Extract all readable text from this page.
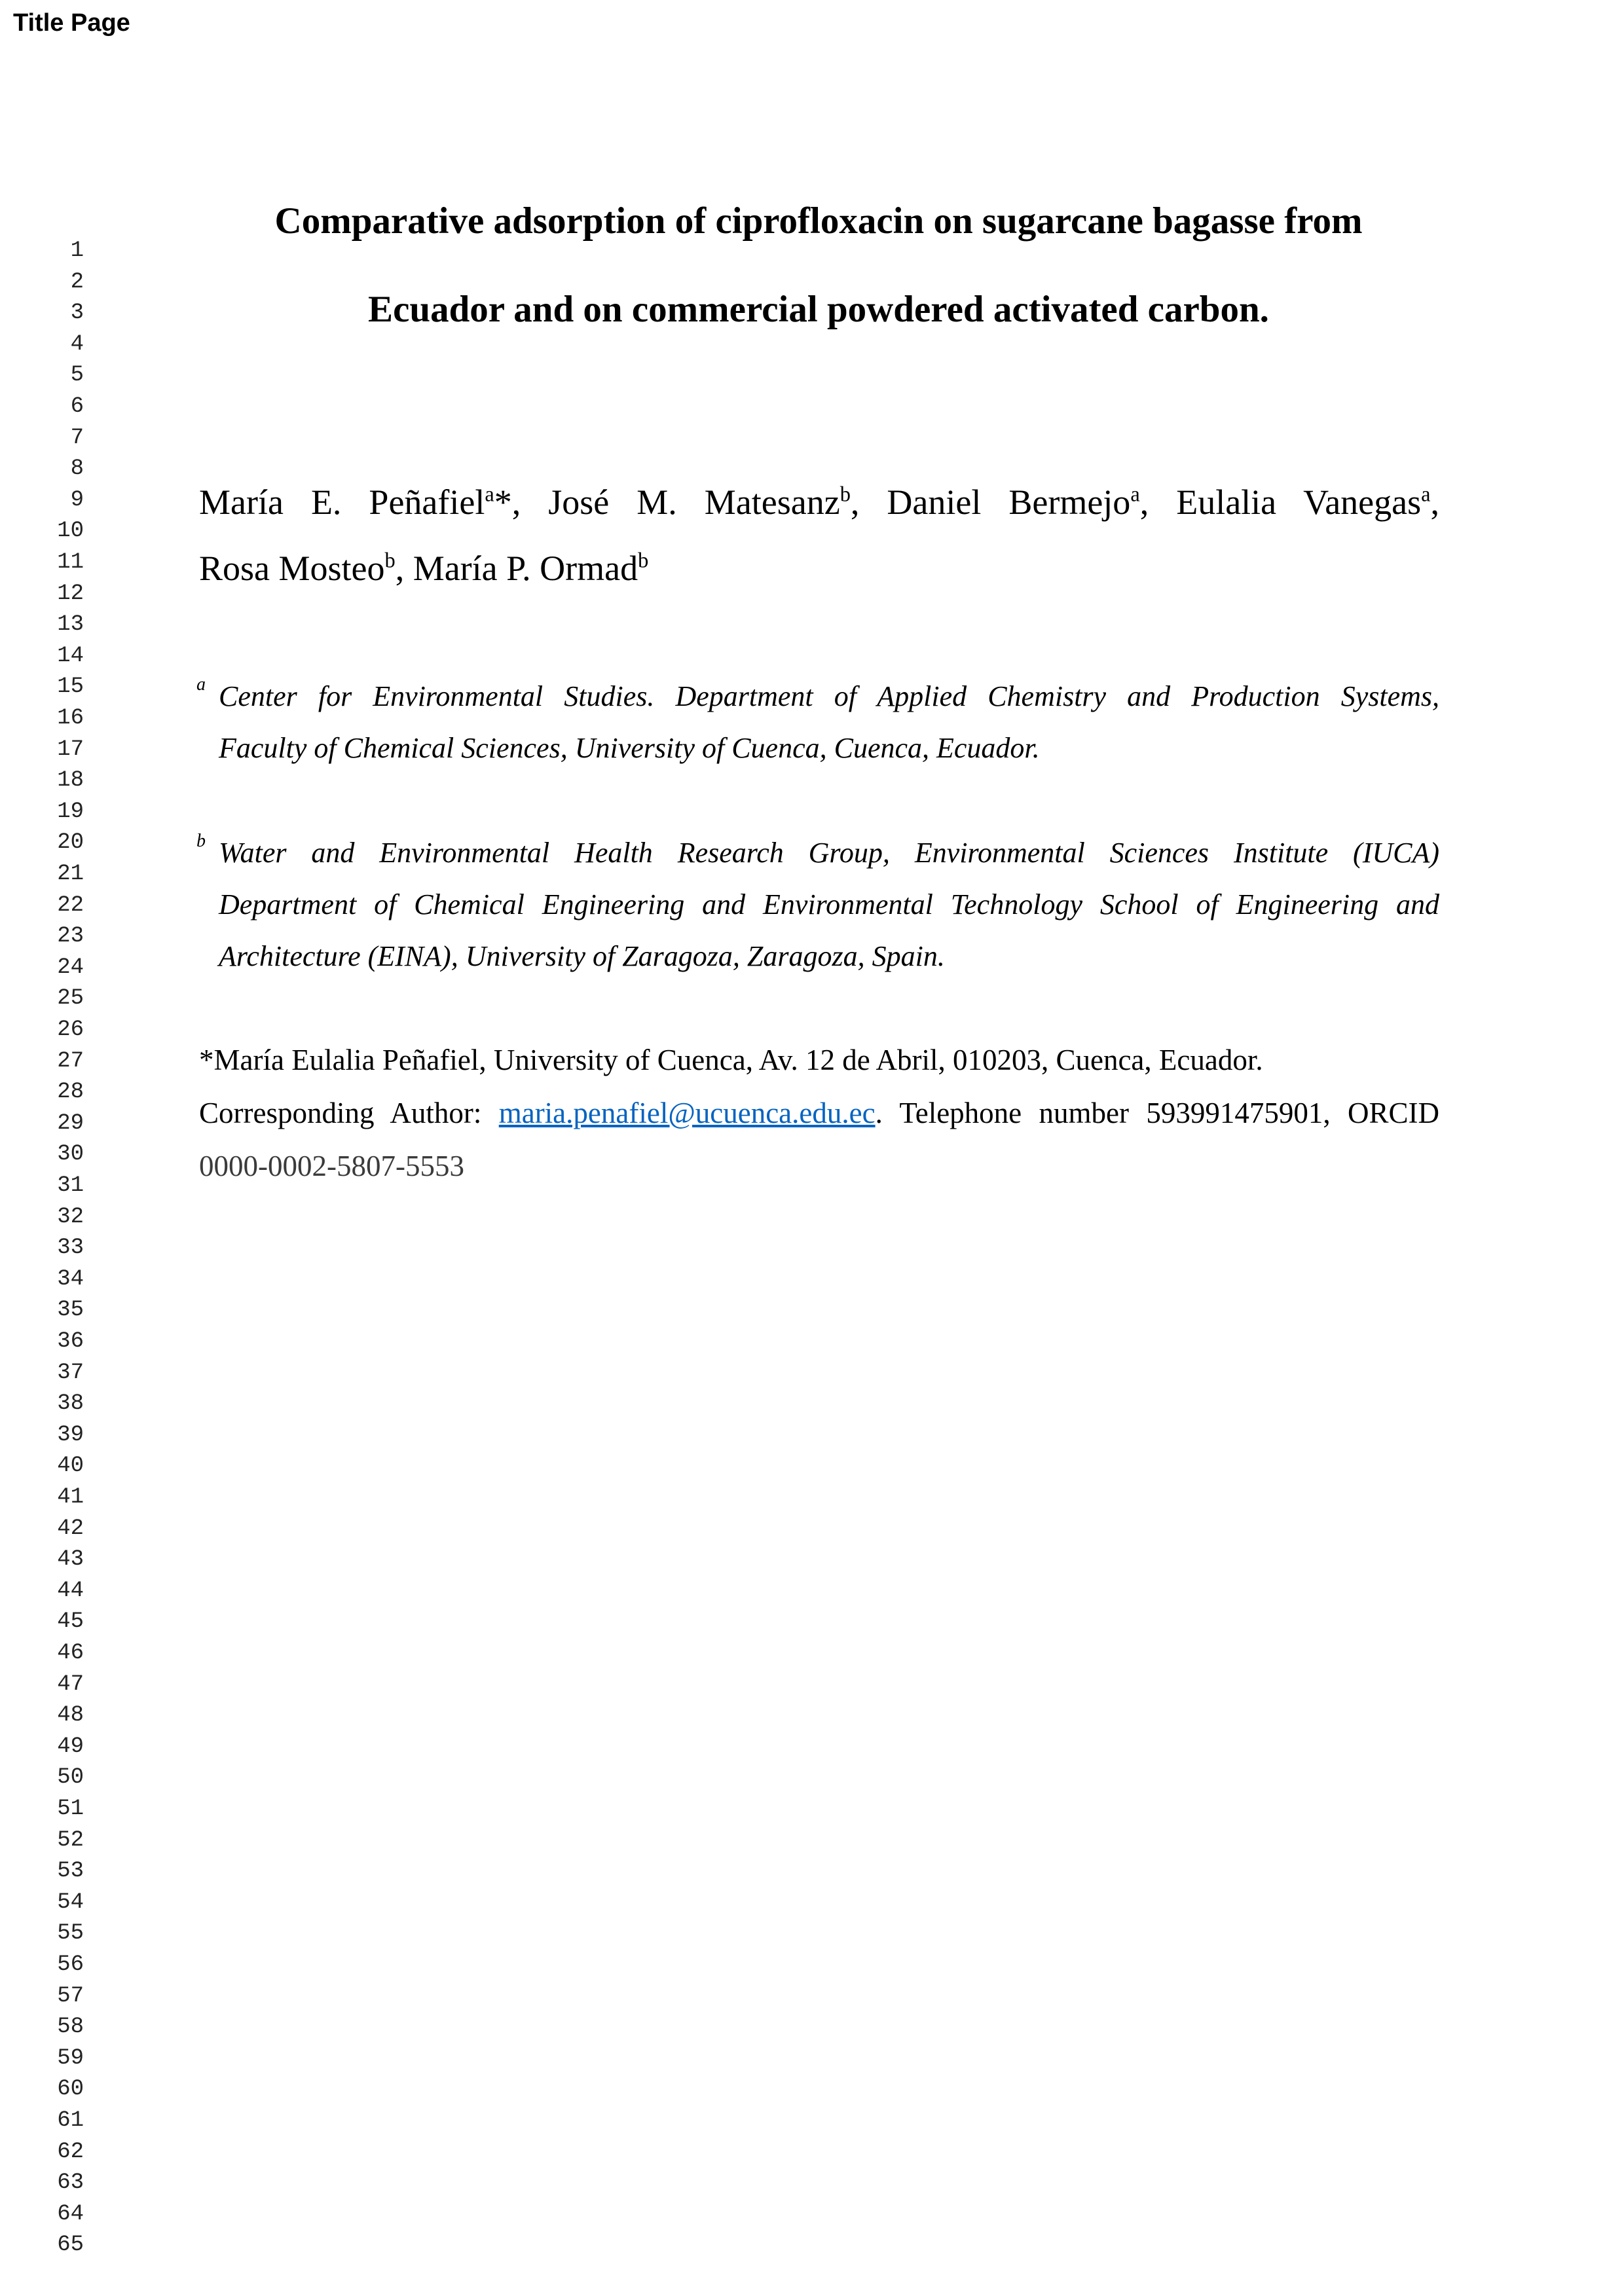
Title Page
1
2
3
4
5
6
7
8
9
10
11
12
13
14
15
16
17
18
19
20
21
22
23
24
25
26
27
28
29
30
31
32
33
34
35
36
37
38
39
40
41
42
43
44
45
46
47
48
49
50
51
52
53
54
55
56
57
58
59
60
61
62
63
64
65
Comparative adsorption of ciprofloxacin on sugarcane bagasse from
Ecuador and on commercial powdered activated carbon.
María E. Peñafiel$^a$*, José M. Matesanz$^b$, Daniel Bermejo$^a$, Eulalia Vanegas$^a$,
Rosa Mosteo$^b$, María P. Ormad$^b$
a Center for Environmental Studies. Department of Applied Chemistry and Production Systems,
Faculty of Chemical Sciences, University of Cuenca, Cuenca, Ecuador.
b Water and Environmental Health Research Group, Environmental Sciences Institute (IUCA)
Department of Chemical Engineering and Environmental Technology School of Engineering and
Architecture (EINA), University of Zaragoza, Zaragoza, Spain.
*María Eulalia Peñafiel, University of Cuenca, Av. 12 de Abril, 010203, Cuenca, Ecuador.
Corresponding Author: maria.penafiel@ucuenca.edu.ec. Telephone number 593991475901, ORCID
0000-0002-5807-5553
